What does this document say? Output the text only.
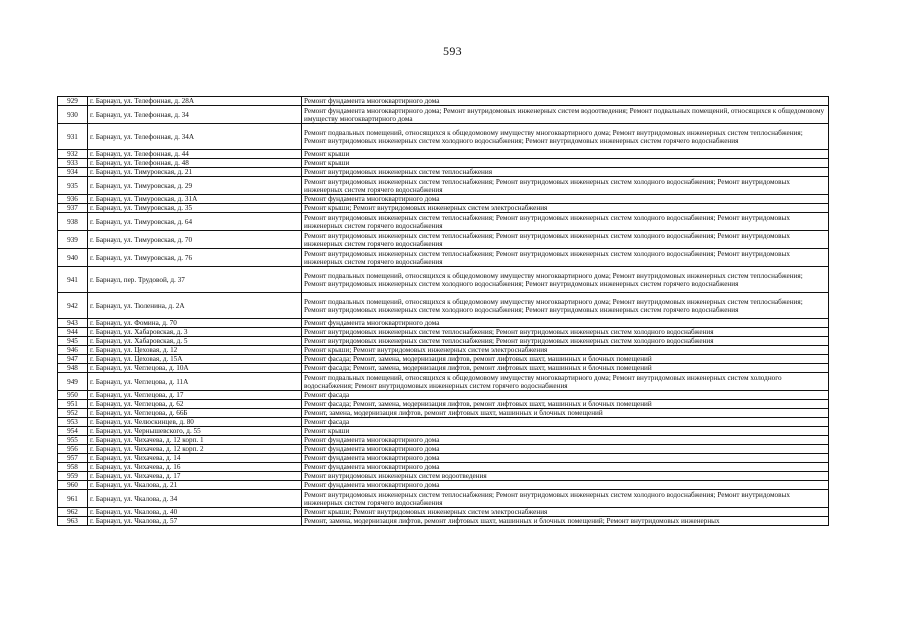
593
929	г. Барнаул, ул. Телефонная, д. 28А	Ремонт фундамента многоквартирного дома
930	г. Барнаул, ул. Телефонная, д. 34	Ремонт фундамента многоквартирного дома; Ремонт внутридомовых инженерных систем водоотведения; Ремонт подвальных помещений, относящихся к общедомовому имуществу многоквартирного дома
931	г. Барнаул, ул. Телефонная, д. 34А	Ремонт подвальных помещений, относящихся к общедомовому имуществу многоквартирного дома; Ремонт внутридомовых инженерных систем теплоснабжения; Ремонт внутридомовых инженерных систем холодного водоснабжения; Ремонт внутридомовых инженерных систем горячего водоснабжения
932	г. Барнаул, ул. Телефонная, д. 44	Ремонт крыши
933	г. Барнаул, ул. Телефонная, д. 48	Ремонт крыши
934	г. Барнаул, ул. Тимуровская, д. 21	Ремонт внутридомовых инженерных систем теплоснабжения
935	г. Барнаул, ул. Тимуровская, д. 29	Ремонт внутридомовых инженерных систем теплоснабжения; Ремонт внутридомовых инженерных систем холодного водоснабжения; Ремонт внутридомовых инженерных систем горячего водоснабжения
936	г. Барнаул, ул. Тимуровская, д. 31А	Ремонт фундамента многоквартирного дома
937	г. Барнаул, ул. Тимуровская, д. 35	Ремонт крыши; Ремонт внутридомовых инженерных систем электроснабжения
938	г. Барнаул, ул. Тимуровская, д. 64	Ремонт внутридомовых инженерных систем теплоснабжения; Ремонт внутридомовых инженерных систем холодного водоснабжения; Ремонт внутридомовых инженерных систем горячего водоснабжения
939	г. Барнаул, ул. Тимуровская, д. 70	Ремонт внутридомовых инженерных систем теплоснабжения; Ремонт внутридомовых инженерных систем холодного водоснабжения; Ремонт внутридомовых инженерных систем горячего водоснабжения
940	г. Барнаул, ул. Тимуровская, д. 76	Ремонт внутридомовых инженерных систем теплоснабжения; Ремонт внутридомовых инженерных систем холодного водоснабжения; Ремонт внутридомовых инженерных систем горячего водоснабжения
941	г. Барнаул, пер. Трудовой, д. 37	Ремонт подвальных помещений, относящихся к общедомовому имуществу многоквартирного дома; Ремонт внутридомовых инженерных систем теплоснабжения; Ремонт внутридомовых инженерных систем холодного водоснабжения; Ремонт внутридомовых инженерных систем горячего водоснабжения
942	г. Барнаул, ул. Тюленина, д. 2А	Ремонт подвальных помещений, относящихся к общедомовому имуществу многоквартирного дома; Ремонт внутридомовых инженерных систем теплоснабжения; Ремонт внутридомовых инженерных систем холодного водоснабжения; Ремонт внутридомовых инженерных систем горячего водоснабжения
943	г. Барнаул, ул. Фомина, д. 70	Ремонт фундамента многоквартирного дома
944	г. Барнаул, ул. Хабаровская, д. 3	Ремонт внутридомовых инженерных систем теплоснабжения; Ремонт внутридомовых инженерных систем холодного водоснабжения
945	г. Барнаул, ул. Хабаровская, д. 5	Ремонт внутридомовых инженерных систем теплоснабжения; Ремонт внутридомовых инженерных систем холодного водоснабжения
946	г. Барнаул, ул. Цеховая, д. 12	Ремонт крыши; Ремонт внутридомовых инженерных систем электроснабжения
947	г. Барнаул, ул. Цеховая, д. 15А	Ремонт фасада; Ремонт, замена, модернизация лифтов, ремонт лифтовых шахт, машинных и блочных помещений
948	г. Барнаул, ул. Чеглецова, д. 10А	Ремонт фасада; Ремонт, замена, модернизация лифтов, ремонт лифтовых шахт, машинных и блочных помещений
949	г. Барнаул, ул. Чеглецова, д. 11А	Ремонт подвальных помещений, относящихся к общедомовому имуществу многоквартирного дома; Ремонт внутридомовых инженерных систем холодного водоснабжения; Ремонт внутридомовых инженерных систем горячего водоснабжения
950	г. Барнаул, ул. Чеглецова, д. 17	Ремонт фасада
951	г. Барнаул, ул. Чеглецова, д. 62	Ремонт фасада; Ремонт, замена, модернизация лифтов, ремонт лифтовых шахт, машинных и блочных помещений
952	г. Барнаул, ул. Чеглецова, д. 66Б	Ремонт, замена, модернизация лифтов, ремонт лифтовых шахт, машинных и блочных помещений
953	г. Барнаул, ул. Челюскинцев, д. 80	Ремонт фасада
954	г. Барнаул, ул. Чернышевского, д. 55	Ремонт крыши
955	г. Барнаул, ул. Чихачева, д. 12 корп. 1	Ремонт фундамента многоквартирного дома
956	г. Барнаул, ул. Чихачева, д. 12 корп. 2	Ремонт фундамента многоквартирного дома
957	г. Барнаул, ул. Чихачева, д. 14	Ремонт фундамента многоквартирного дома
958	г. Барнаул, ул. Чихачева, д. 16	Ремонт фундамента многоквартирного дома
959	г. Барнаул, ул. Чихачева, д. 17	Ремонт внутридомовых инженерных систем водоотведения
960	г. Барнаул, ул. Чкалова, д. 21	Ремонт фундамента многоквартирного дома
961	г. Барнаул, ул. Чкалова, д. 34	Ремонт внутридомовых инженерных систем теплоснабжения; Ремонт внутридомовых инженерных систем холодного водоснабжения; Ремонт внутридомовых инженерных систем горячего водоснабжения
962	г. Барнаул, ул. Чкалова, д. 40	Ремонт крыши; Ремонт внутридомовых инженерных систем электроснабжения
963	г. Барнаул, ул. Чкалова, д. 57	Ремонт, замена, модернизация лифтов, ремонт лифтовых шахт, машинных и блочных помещений; Ремонт внутридомовых инженерных
